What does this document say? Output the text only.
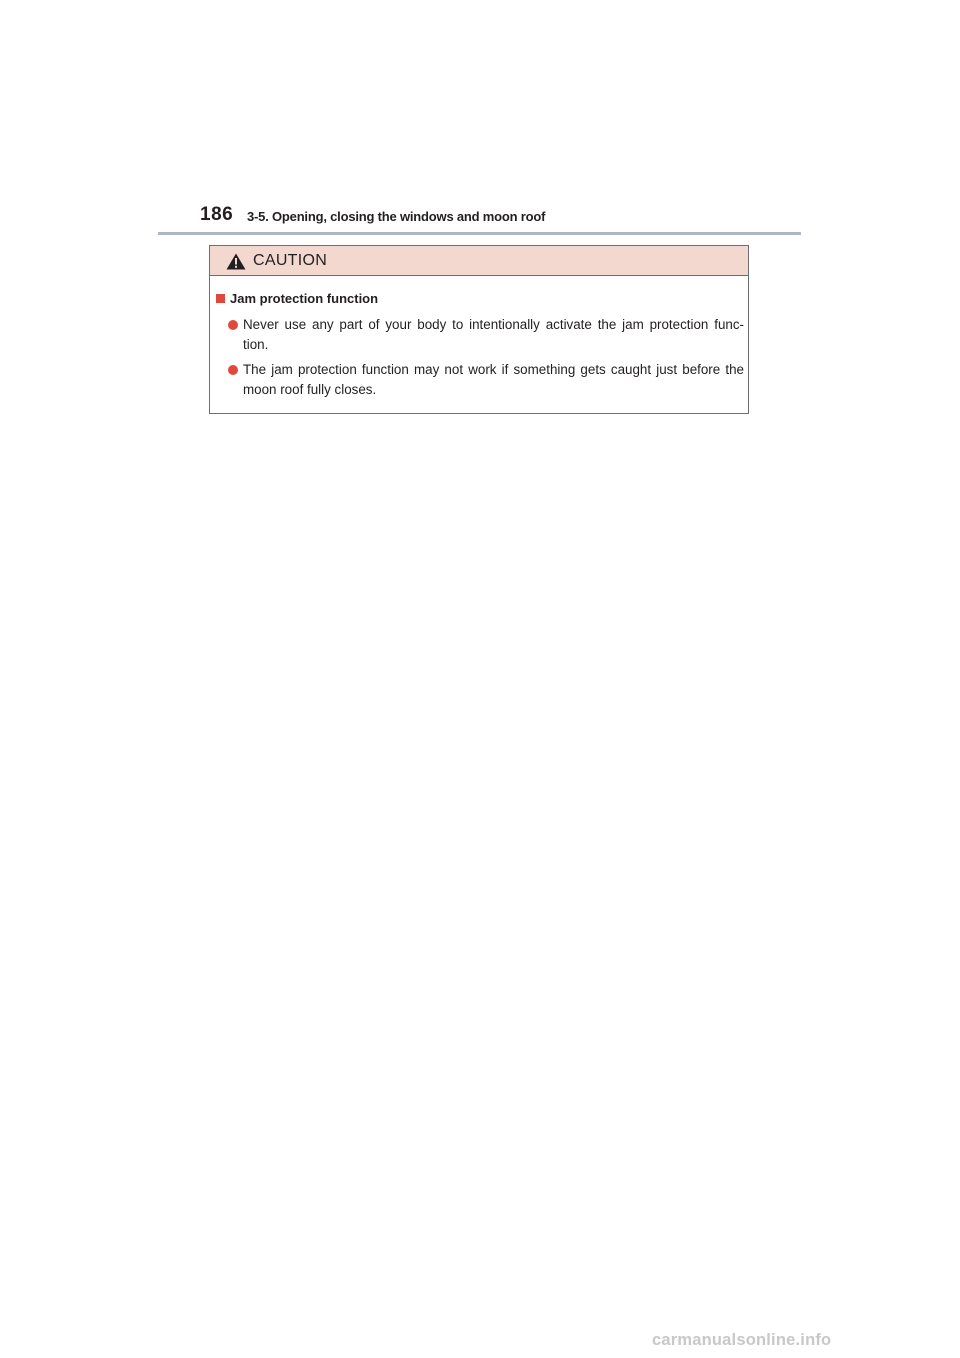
186 3-5. Opening, closing the windows and moon roof
CAUTION
Jam protection function
Never use any part of your body to intentionally activate the jam protection func- tion.
The jam protection function may not work if something gets caught just before the moon roof fully closes.
carmanualsonline.info
